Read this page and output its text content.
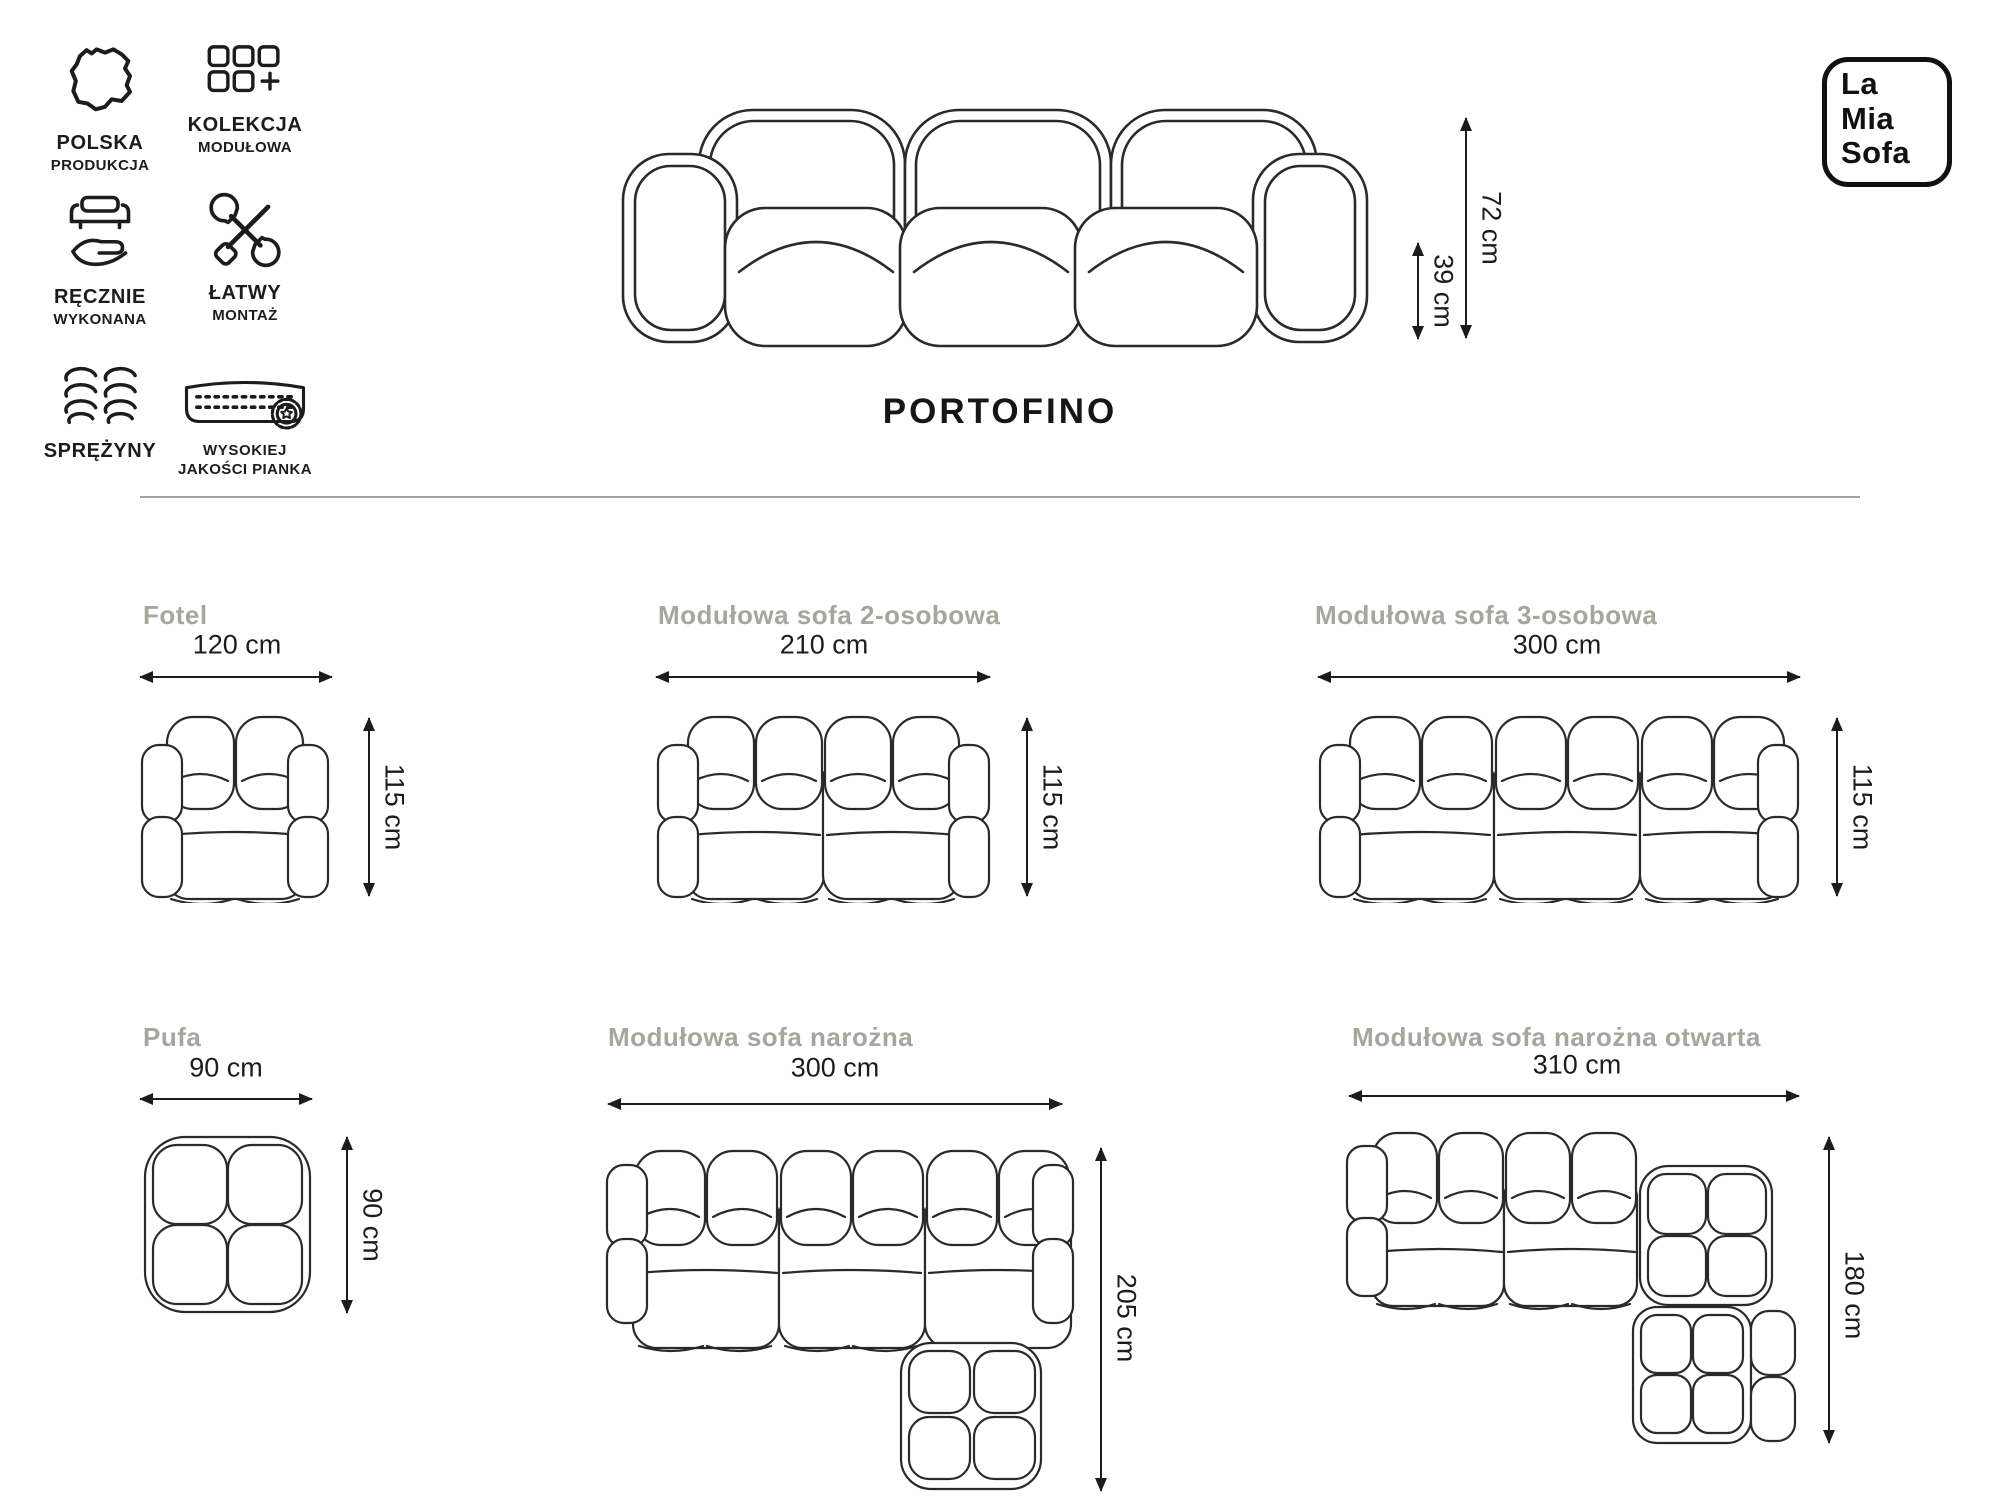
POLSKA
PRODUKCJA
KOLEKCJA
MODUŁOWA
RĘCZNIE
WYKONANA
ŁATWY
MONTAŻ
SPRĘŻYNY	WYSOKIEJ
JAKOŚCI PIANKA
La
Mia
Sofa
39 cm
72 cm
PORTOFINO
Fotel
120 cm
115 cm
Modułowa sofa 2-osobowa
210 cm
115 cm
Modułowa sofa 3-osobowa
300 cm
115 cm
Pufa
90 cm
90 cm
Modułowa sofa narożna
300 cm
205 cm
Modułowa sofa narożna otwarta
310 cm
180 cm
